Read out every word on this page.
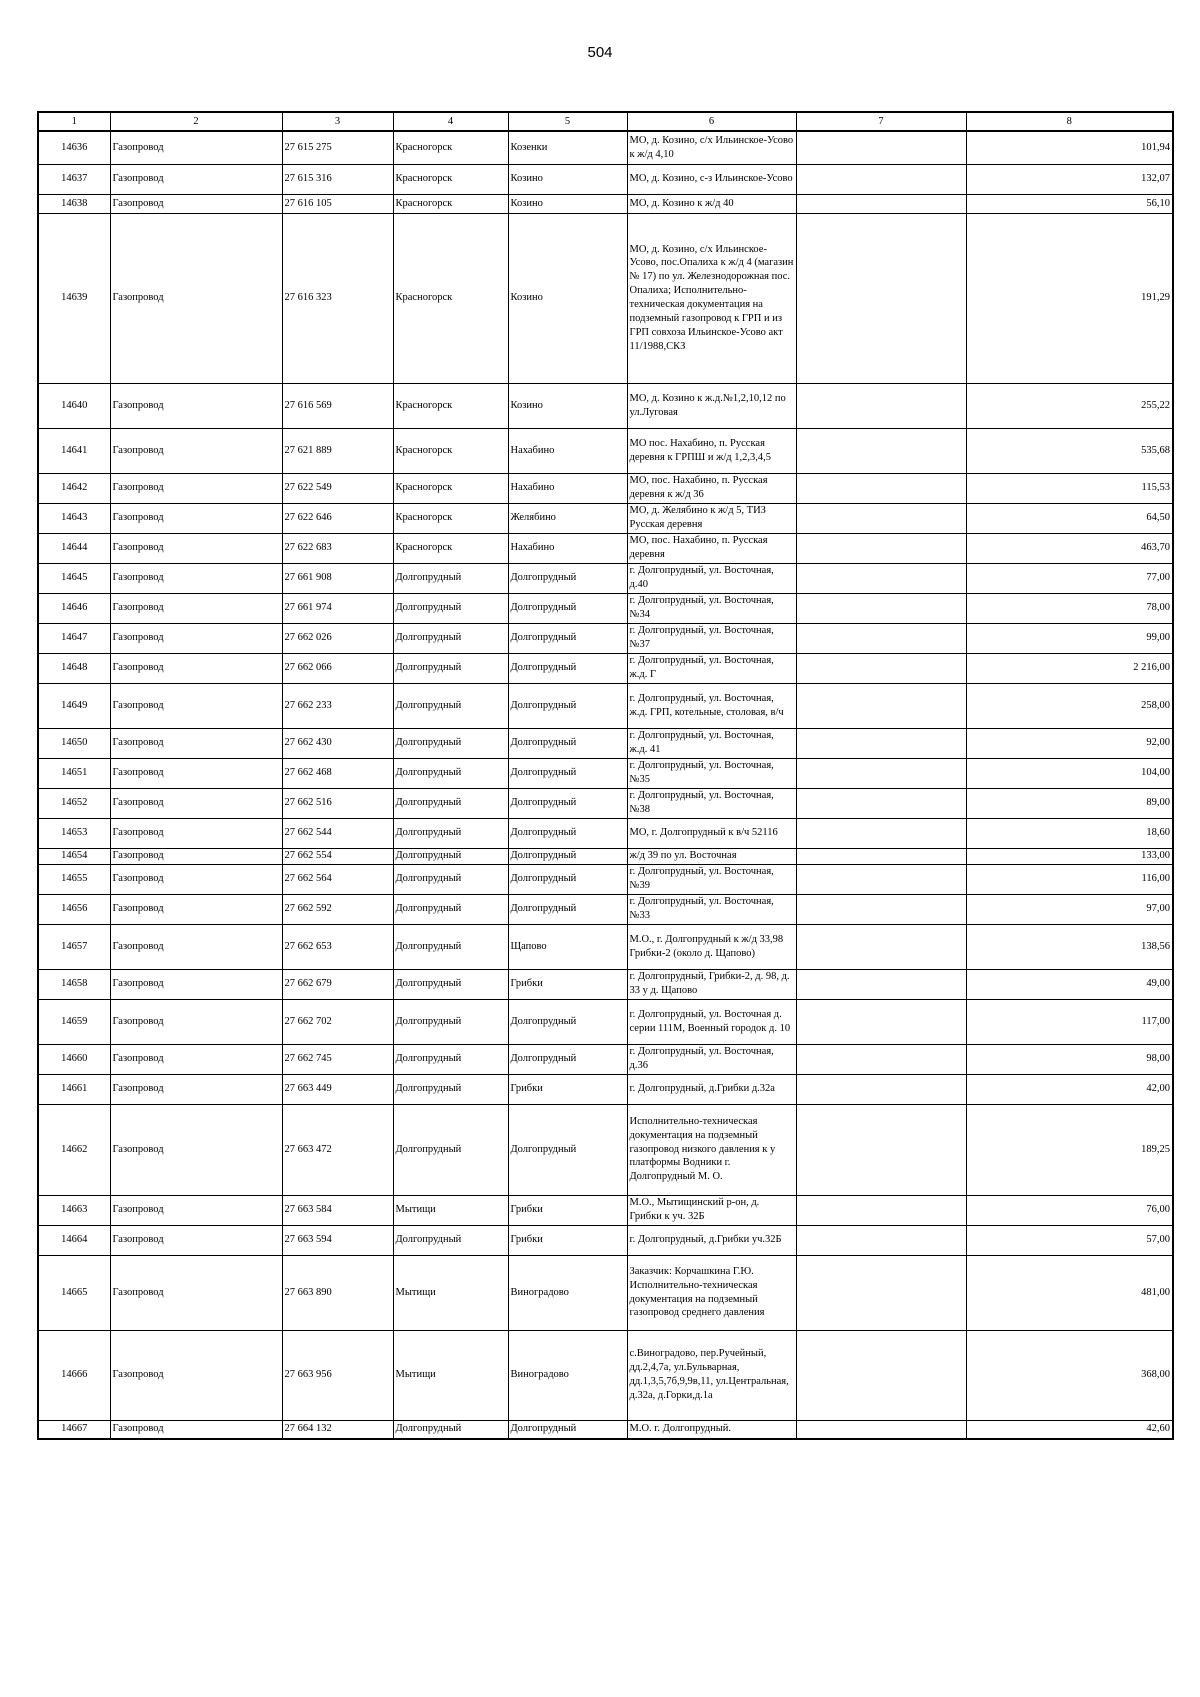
504
1	2	3	4	5	6	7	8
14636	Газопровод	27 615 275	Красногорск	Козенки	МО, д. Козино, с/х Ильинское-Усово к ж/д 4,10		101,94
14637	Газопровод	27 615 316	Красногорск	Козино	МО, д. Козино, с-з Ильинское-Усово		132,07
14638	Газопровод	27 616 105	Красногорск	Козино	МО, д. Козино к ж/д 40		56,10
14639	Газопровод	27 616 323	Красногорск	Козино	МО, д. Козино, с/х Ильинское-Усово, пос.Опалиха к ж/д 4 (магазин № 17) по ул. Железнодорожная пос. Опалиха; Исполнительно-техническая документация на подземный газопровод к ГРП и из ГРП совхоза Ильинское-Усово акт 11/1988,СКЗ		191,29
14640	Газопровод	27 616 569	Красногорск	Козино	МО, д. Козино к ж.д.№1,2,10,12 по ул.Луговая		255,22
14641	Газопровод	27 621 889	Красногорск	Нахабино	МО пос. Нахабино, п. Русская деревня к ГРПШ и ж/д 1,2,3,4,5		535,68
14642	Газопровод	27 622 549	Красногорск	Нахабино	МО, пос. Нахабино, п. Русская деревня к ж/д 36		115,53
14643	Газопровод	27 622 646	Красногорск	Желябино	МО, д. Желябино к ж/д 5, ТИЗ Русская деревня		64,50
14644	Газопровод	27 622 683	Красногорск	Нахабино	МО, пос. Нахабино, п. Русская деревня		463,70
14645	Газопровод	27 661 908	Долгопрудный	Долгопрудный	г. Долгопрудный, ул. Восточная, д.40		77,00
14646	Газопровод	27 661 974	Долгопрудный	Долгопрудный	г. Долгопрудный, ул. Восточная, №34		78,00
14647	Газопровод	27 662 026	Долгопрудный	Долгопрудный	г. Долгопрудный, ул. Восточная, №37		99,00
14648	Газопровод	27 662 066	Долгопрудный	Долгопрудный	г. Долгопрудный, ул. Восточная, ж.д. Г		2 216,00
14649	Газопровод	27 662 233	Долгопрудный	Долгопрудный	г. Долгопрудный, ул. Восточная, ж.д. ГРП, котельные, столовая, в/ч		258,00
14650	Газопровод	27 662 430	Долгопрудный	Долгопрудный	г. Долгопрудный, ул. Восточная, ж.д. 41		92,00
14651	Газопровод	27 662 468	Долгопрудный	Долгопрудный	г. Долгопрудный, ул. Восточная, №35		104,00
14652	Газопровод	27 662 516	Долгопрудный	Долгопрудный	г. Долгопрудный, ул. Восточная, №38		89,00
14653	Газопровод	27 662 544	Долгопрудный	Долгопрудный	МО, г. Долгопрудный к в/ч 52116		18,60
14654	Газопровод	27 662 554	Долгопрудный	Долгопрудный	ж/д 39 по ул. Восточная		133,00
14655	Газопровод	27 662 564	Долгопрудный	Долгопрудный	г. Долгопрудный, ул. Восточная, №39		116,00
14656	Газопровод	27 662 592	Долгопрудный	Долгопрудный	г. Долгопрудный, ул. Восточная, №33		97,00
14657	Газопровод	27 662 653	Долгопрудный	Щапово	М.О., г. Долгопрудный к ж/д 33,98 Грибки-2 (около д. Щапово)		138,56
14658	Газопровод	27 662 679	Долгопрудный	Грибки	г. Долгопрудный, Грибки-2, д. 98, д. 33 у д. Щапово		49,00
14659	Газопровод	27 662 702	Долгопрудный	Долгопрудный	г. Долгопрудный, ул. Восточная д. серии 111М, Военный городок д. 10		117,00
14660	Газопровод	27 662 745	Долгопрудный	Долгопрудный	г. Долгопрудный, ул. Восточная, д.36		98,00
14661	Газопровод	27 663 449	Долгопрудный	Грибки	г. Долгопрудный, д.Грибки д.32а		42,00
14662	Газопровод	27 663 472	Долгопрудный	Долгопрудный	Исполнительно-техническая документация на подземный газопровод низкого давления к у платформы Водники г. Долгопрудный М. О.		189,25
14663	Газопровод	27 663 584	Мытищи	Грибки	М.О., Мытищинский р-он, д. Грибки к уч. 32Б		76,00
14664	Газопровод	27 663 594	Долгопрудный	Грибки	г. Долгопрудный, д.Грибки уч.32Б		57,00
14665	Газопровод	27 663 890	Мытищи	Виноградово	Заказчик: Корчашкина Г.Ю. Исполнительно-техническая документация на подземный газопровод среднего давления		481,00
14666	Газопровод	27 663 956	Мытищи	Виноградово	с.Виноградово, пер.Ручейный, дд.2,4,7а, ул.Бульварная, дд.1,3,5,7б,9,9в,11, ул.Центральная, д.32а, д.Горки,д.1а		368,00
14667	Газопровод	27 664 132	Долгопрудный	Долгопрудный	М.О. г. Долгопрудный.		42,60
